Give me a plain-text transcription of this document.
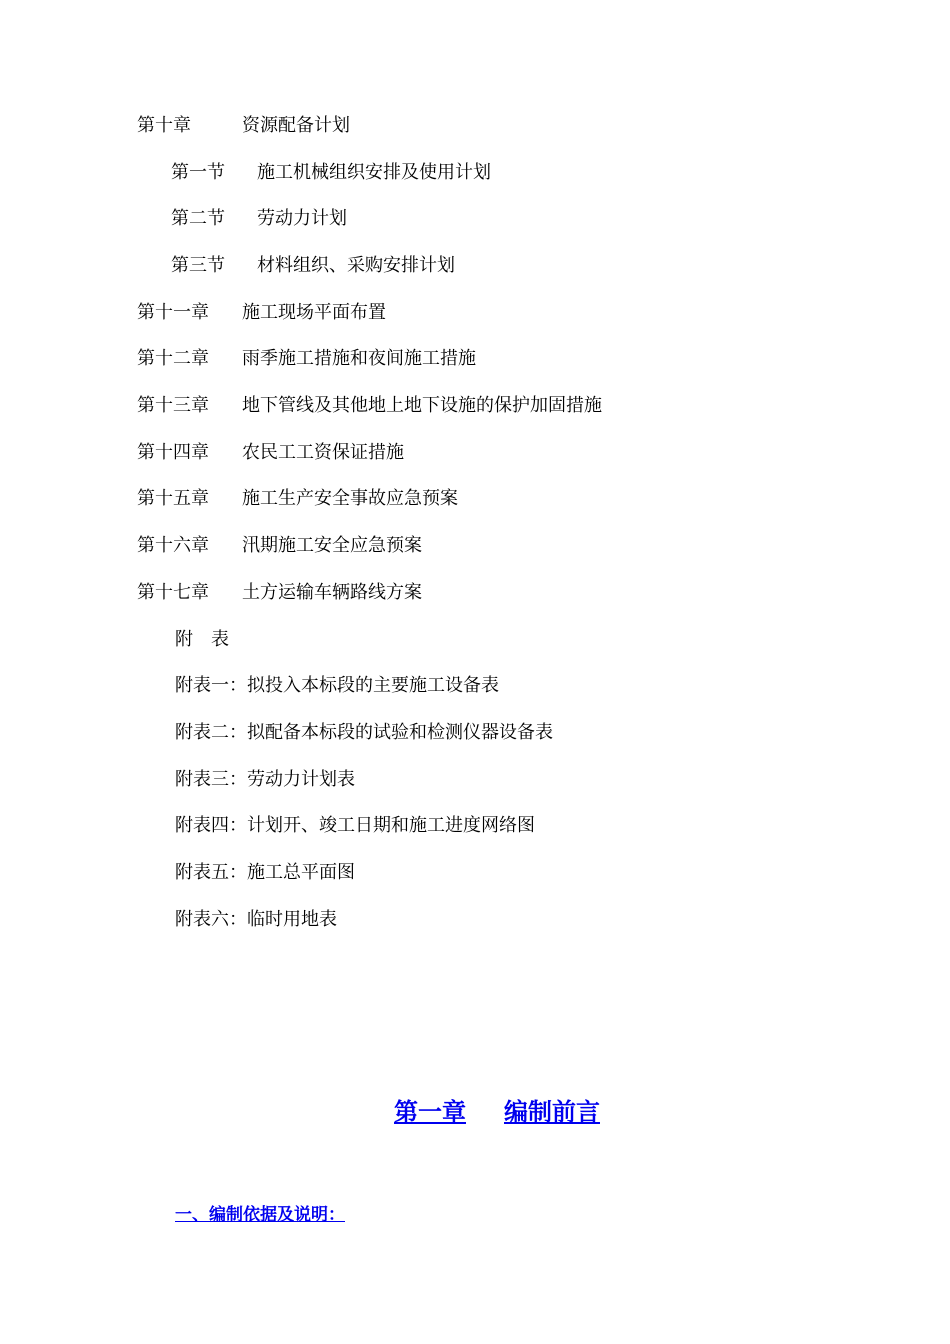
第十章	资源配备计划
第一节	施工机械组织安排及使用计划
第二节	劳动力计划
第三节	材料组织、采购安排计划
第十一章	施工现场平面布置
第十二章	雨季施工措施和夜间施工措施
第十三章	地下管线及其他地上地下设施的保护加固措施
第十四章	农民工工资保证措施
第十五章	施工生产安全事故应急预案
第十六章	汛期施工安全应急预案
第十七章	土方运输车辆路线方案
附　表
附表一：拟投入本标段的主要施工设备表
附表二：拟配备本标段的试验和检测仪器设备表
附表三：劳动力计划表
附表四：计划开、竣工日期和施工进度网络图
附表五：施工总平面图
附表六：临时用地表
第一章 编制前言
一、编制依据及说明：
